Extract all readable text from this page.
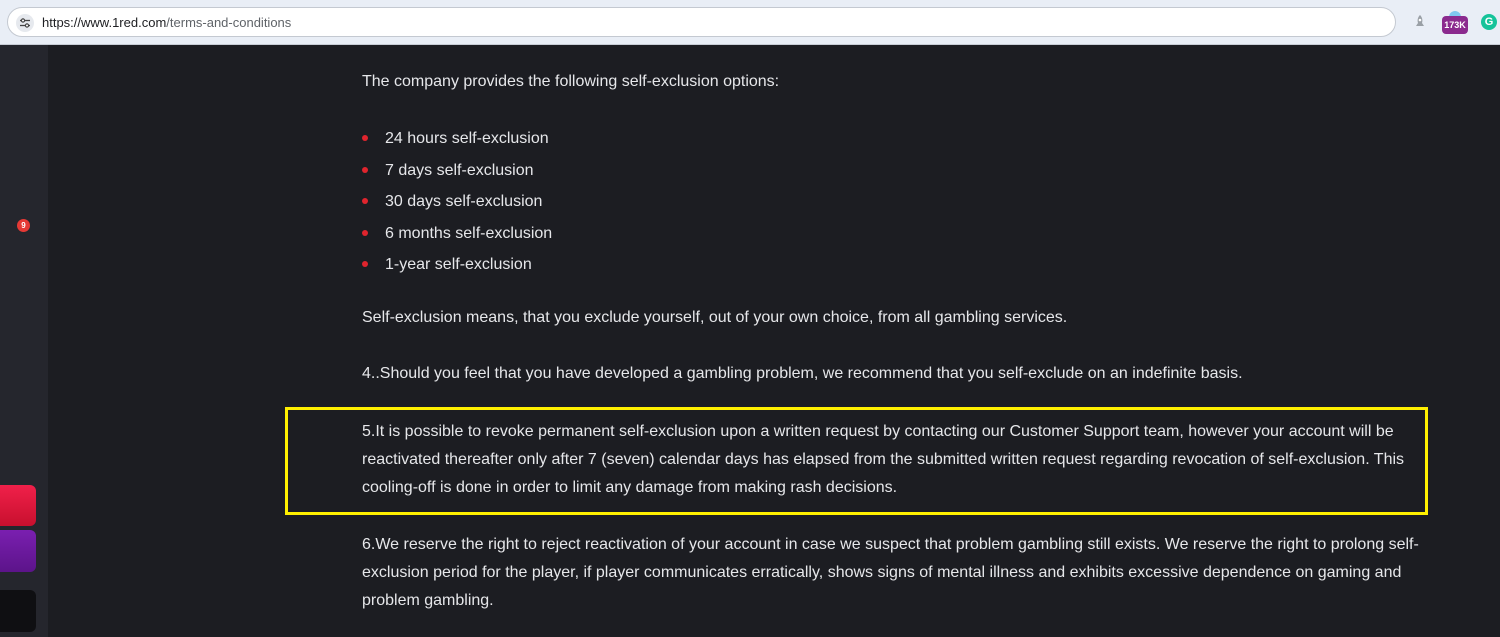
https://www.1red.com/terms-and-conditions	173K	G
9
The company provides the following self-exclusion options:
24 hours self-exclusion
7 days self-exclusion
30 days self-exclusion
6 months self-exclusion
1-year self-exclusion
Self-exclusion means, that you exclude yourself, out of your own choice, from all gambling services.
4..Should you feel that you have developed a gambling problem, we recommend that you self-exclude on an indefinite basis.
5.It is possible to revoke permanent self-exclusion upon a written request by contacting our Customer Support team, however your account will be reactivated thereafter only after 7 (seven) calendar days has elapsed from the submitted written request regarding revocation of self-exclusion. This cooling-off is done in order to limit any damage from making rash decisions.
6.We reserve the right to reject reactivation of your account in case we suspect that problem gambling still exists. We reserve the right to prolong self-exclusion period for the player, if player communicates erratically, shows signs of mental illness and exhibits excessive dependence on gaming and problem gambling.
